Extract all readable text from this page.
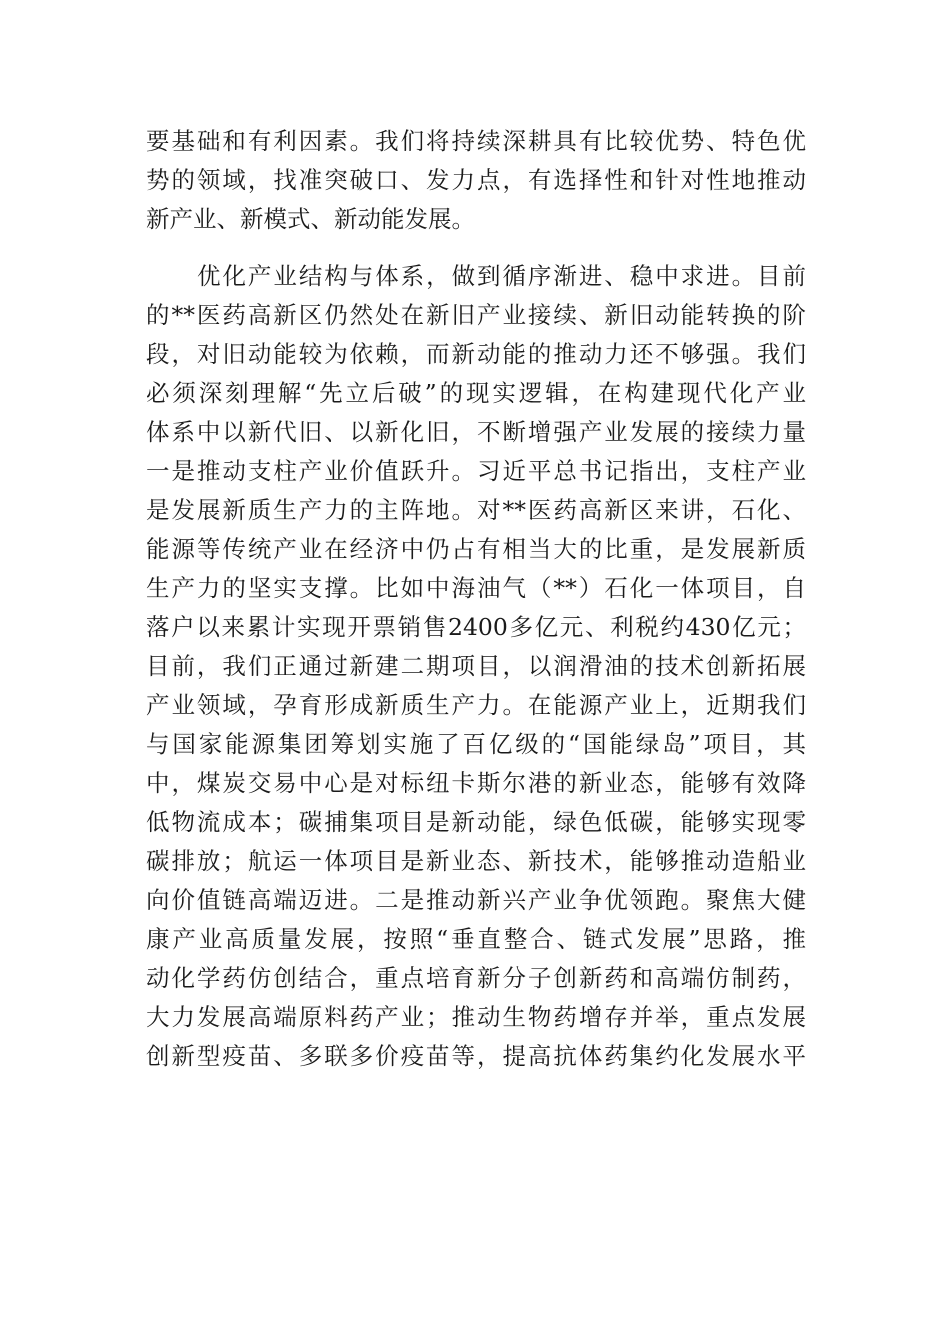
要基础和有利因素。我们将持续深耕具有比较优势、特色优
势的领域，找准突破口、发力点，有选择性和针对性地推动
新产业、新模式、新动能发展。
优化产业结构与体系，做到循序渐进、稳中求进。目前
的**医药高新区仍然处在新旧产业接续、新旧动能转换的阶
段，对旧动能较为依赖，而新动能的推动力还不够强。我们
必须深刻理解“先立后破”的现实逻辑，在构建现代化产业
体系中以新代旧、以新化旧，不断增强产业发展的接续力量
一是推动支柱产业价值跃升。习近平总书记指出，支柱产业
是发展新质生产力的主阵地。对**医药高新区来讲，石化、
能源等传统产业在经济中仍占有相当大的比重，是发展新质
生产力的坚实支撑。比如中海油气（**）石化一体项目，自
落户以来累计实现开票销售2400多亿元、利税约430亿元；
目前，我们正通过新建二期项目，以润滑油的技术创新拓展
产业领域，孕育形成新质生产力。在能源产业上，近期我们
与国家能源集团筹划实施了百亿级的“国能绿岛”项目，其
中，煤炭交易中心是对标纽卡斯尔港的新业态，能够有效降
低物流成本；碳捕集项目是新动能，绿色低碳，能够实现零
碳排放；航运一体项目是新业态、新技术，能够推动造船业
向价值链高端迈进。二是推动新兴产业争优领跑。聚焦大健
康产业高质量发展，按照“垂直整合、链式发展”思路，推
动化学药仿创结合，重点培育新分子创新药和高端仿制药，
大力发展高端原料药产业；推动生物药增存并举，重点发展
创新型疫苗、多联多价疫苗等，提高抗体药集约化发展水平
